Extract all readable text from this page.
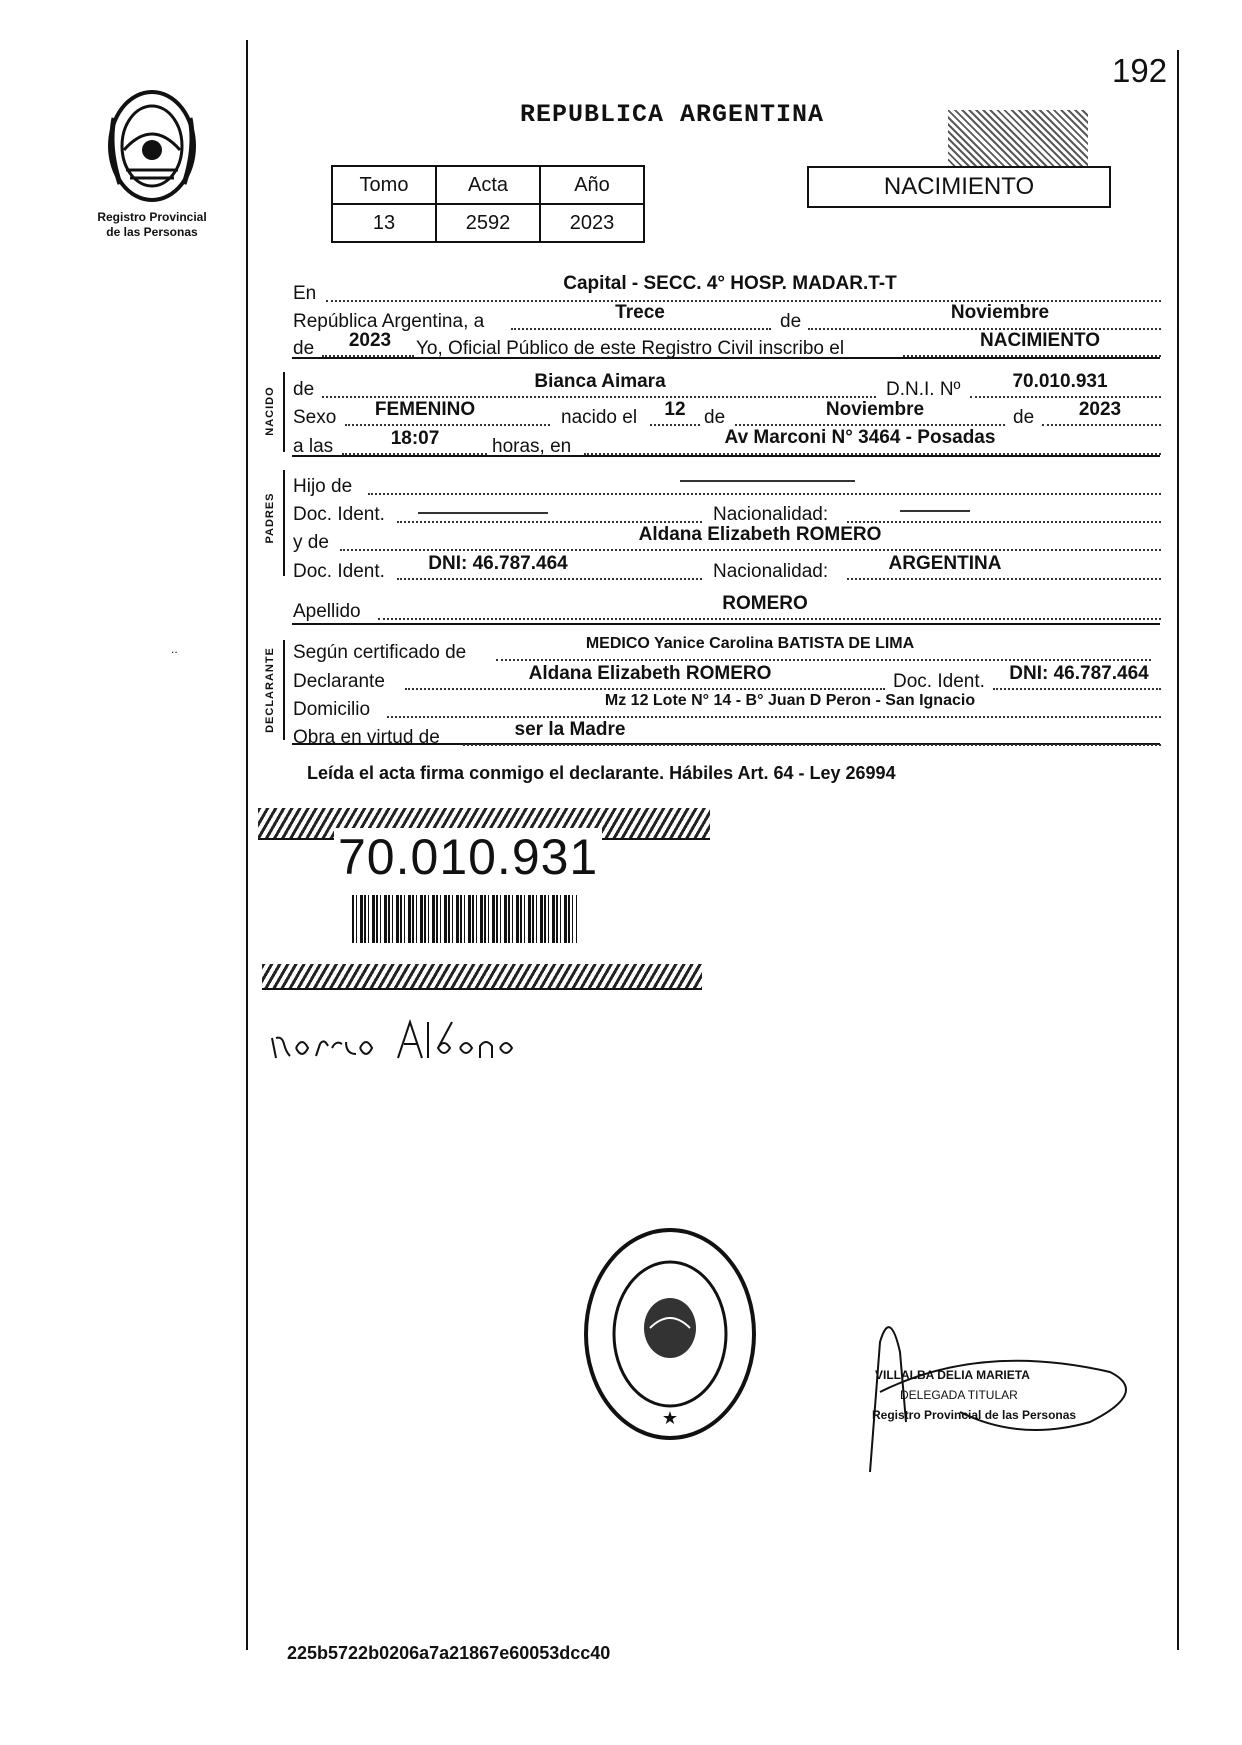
192
Registro Provincial
de las Personas
REPUBLICA ARGENTINA
NACIMIENTO
Tomo	Acta	Año
13	2592	2023
NACIDO
PADRES
DECLARANTE
En	Capital - SECC. 4° HOSP. MADAR.T-T
República Argentina, a	Trece	de	Noviembre
de	2023	Yo, Oficial Público de este Registro Civil inscribo el	NACIMIENTO
de	Bianca Aimara	D.N.I. Nº	70.010.931
Sexo	FEMENINO	nacido el	12 de	Noviembre	de	2023
a las	18:07	horas, en	Av Marconi N° 3464 - Posadas
Hijo de
Doc. Ident.	Nacionalidad:
y de	Aldana Elizabeth ROMERO
Doc. Ident.	DNI: 46.787.464	Nacionalidad:	ARGENTINA
Apellido	ROMERO
Según certificado de	MEDICO Yanice Carolina BATISTA DE LIMA
Declarante	Aldana Elizabeth ROMERO	Doc. Ident.	DNI: 46.787.464
Domicilio	Mz 12 Lote N° 14 - B° Juan D Peron - San Ignacio
Obra en virtud de	ser la Madre
Leída el acta firma conmigo el declarante. Hábiles Art. 64 - Ley 26994
70.010.931
★
VILLALBA DELIA MARIETA
DELEGADA TITULAR
Registro Provincial de las Personas
..
225b5722b0206a7a21867e60053dcc40
